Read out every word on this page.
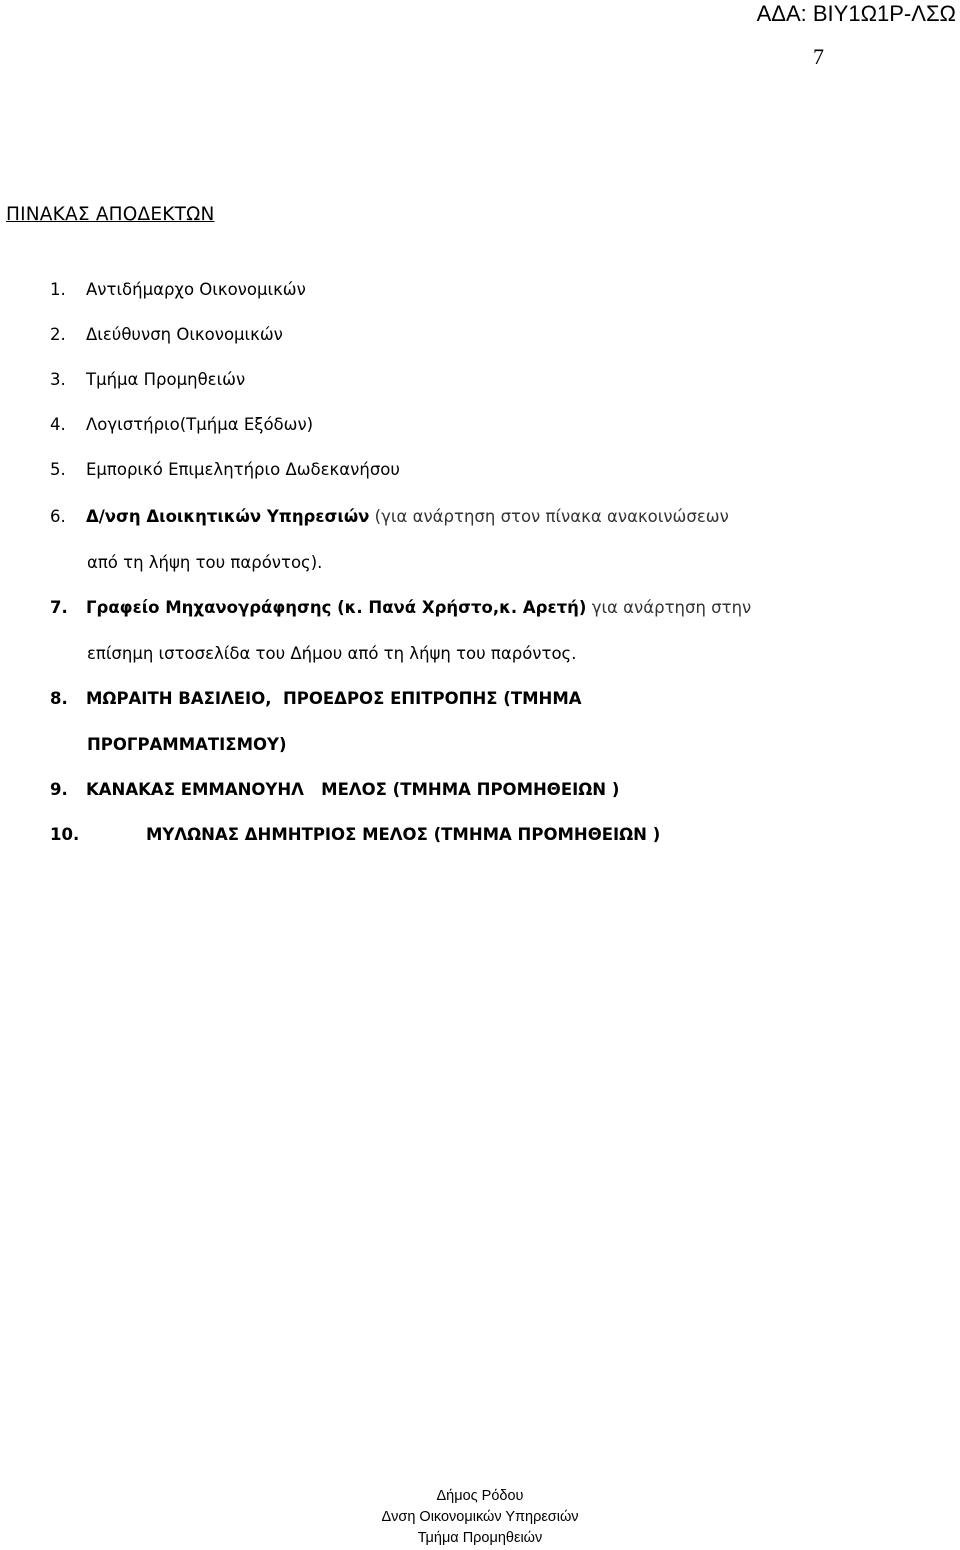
ΑΔΑ: ΒΙΥ1Ω1Ρ-ΛΣΩ
7
ΠΙΝΑΚΑΣ ΑΠΟΔΕΚΤΩΝ
1. Αντιδήμαρχο Οικονομικών
2. Διεύθυνση Οικονομικών
3. Τμήμα Προμηθειών
4. Λογιστήριο(Τμήμα Εξόδων)
5. Εμπορικό Επιμελητήριο Δωδεκανήσου
6. Δ/νση Διοικητικών Υπηρεσιών (για ανάρτηση στον πίνακα ανακοινώσεων
από τη λήψη του παρόντος).
7. Γραφείο Μηχανογράφησης (κ. Πανά Χρήστο,κ. Αρετή) για ανάρτηση στην
επίσημη ιστοσελίδα του Δήμου από τη λήψη του παρόντος.
8. ΜΩΡΑΙΤΗ ΒΑΣΙΛΕΙΟ,  ΠΡΟΕΔΡΟΣ ΕΠΙΤΡΟΠΗΣ (ΤΜΗΜΑ
ΠΡΟΓΡΑΜΜΑΤΙΣΜΟΥ)
9. ΚΑΝΑΚΑΣ ΕΜΜΑΝΟΥΗΛ   ΜΕΛΟΣ (ΤΜΗΜΑ ΠΡΟΜΗΘΕΙΩΝ )
10.	ΜΥΛΩΝΑΣ ΔΗΜΗΤΡΙΟΣ ΜΕΛΟΣ (ΤΜΗΜΑ ΠΡΟΜΗΘΕΙΩΝ )
Δήμος Ρόδου
Δνση Οικονομικών Υπηρεσιών
Τμήμα Προμηθειών
